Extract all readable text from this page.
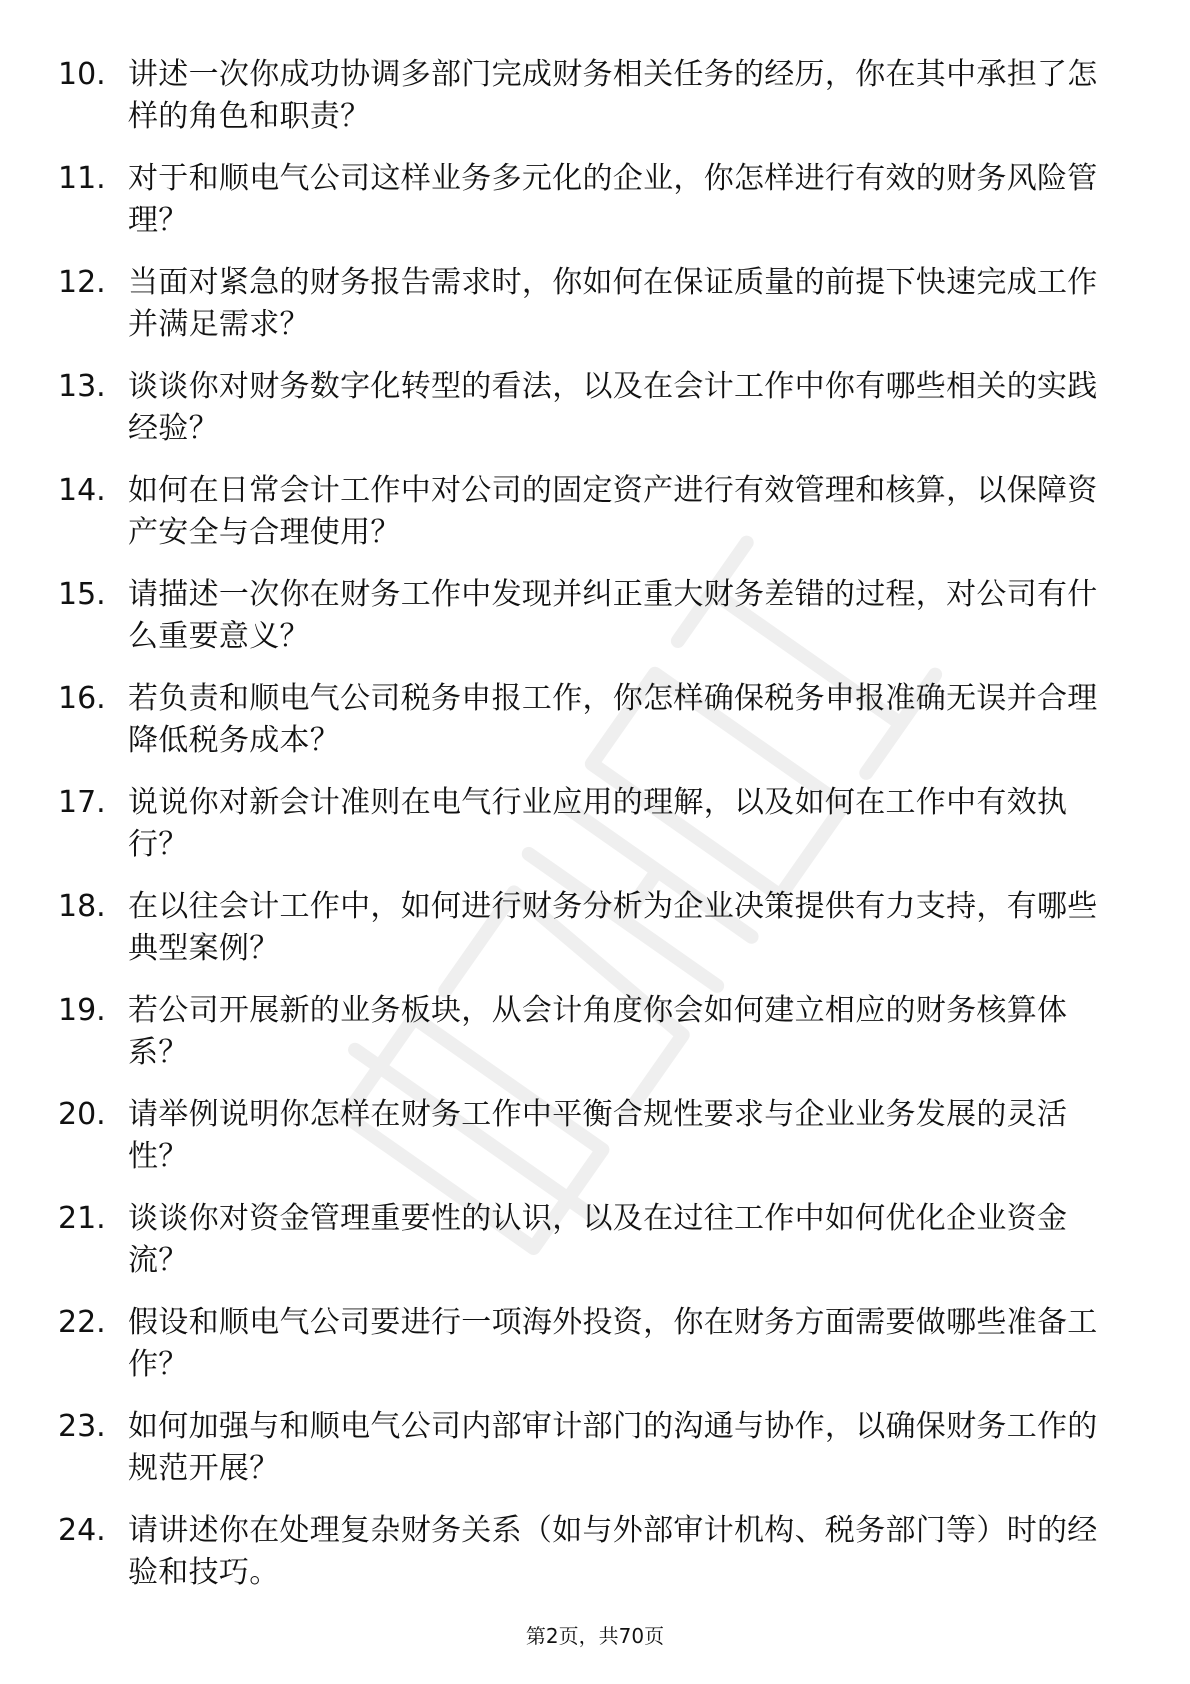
10. 讲述一次你成功协调多部门完成财务相关任务的经历，你在其中承担了怎样的角色和职责？
11. 对于和顺电气公司这样业务多元化的企业，你怎样进行有效的财务风险管理？
12. 当面对紧急的财务报告需求时，你如何在保证质量的前提下快速完成工作并满足需求？
13. 谈谈你对财务数字化转型的看法，以及在会计工作中你有哪些相关的实践经验？
14. 如何在日常会计工作中对公司的固定资产进行有效管理和核算，以保障资产安全与合理使用？
15. 请描述一次你在财务工作中发现并纠正重大财务差错的过程，对公司有什么重要意义？
16. 若负责和顺电气公司税务申报工作，你怎样确保税务申报准确无误并合理降低税务成本？
17. 说说你对新会计准则在电气行业应用的理解，以及如何在工作中有效执行？
18. 在以往会计工作中，如何进行财务分析为企业决策提供有力支持，有哪些典型案例？
19. 若公司开展新的业务板块，从会计角度你会如何建立相应的财务核算体系？
20. 请举例说明你怎样在财务工作中平衡合规性要求与企业业务发展的灵活性？
21. 谈谈你对资金管理重要性的认识，以及在过往工作中如何优化企业资金流？
22. 假设和顺电气公司要进行一项海外投资，你在财务方面需要做哪些准备工作？
23. 如何加强与和顺电气公司内部审计部门的沟通与协作，以确保财务工作的规范开展？
24. 请讲述你在处理复杂财务关系（如与外部审计机构、税务部门等）时的经验和技巧。
第2页，共70页
